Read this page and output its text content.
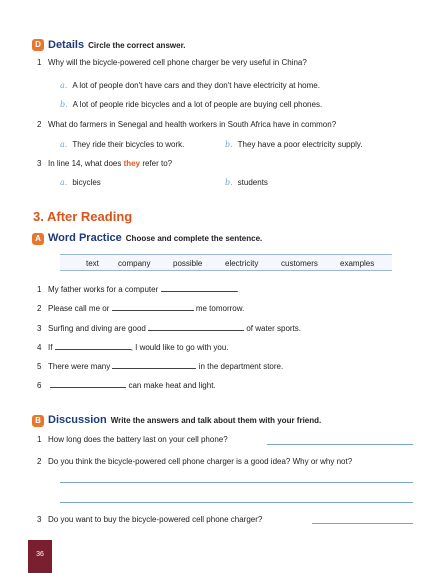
D Details Circle the correct answer.
1 Why will the bicycle-powered cell phone charger be very useful in China?
a. A lot of people don't have cars and they don't have electricity at home.
b. A lot of people ride bicycles and a lot of people are buying cell phones.
2 What do farmers in Senegal and health workers in South Africa have in common?
a. They ride their bicycles to work.	b. They have a poor electricity supply.
3 In line 14, what does they refer to?
a. bicycles	b. students
3. After Reading
A Word Practice Choose and complete the sentence.
text company	possible	electricity	customers	examples
1 My father works for a computer	.
2 Please call me or	me tomorrow.
3 Surfing and diving are good	of water sports.
4 If	, I would like to go with you.
5 There were many	in the department store.
6	can make heat and light.
B Discussion Write the answers and talk about them with your friend.
1 How long does the battery last on your cell phone?
2 Do you think the bicycle-powered cell phone charger is a good idea? Why or why not?
3 Do you want to buy the bicycle-powered cell phone charger?
36
